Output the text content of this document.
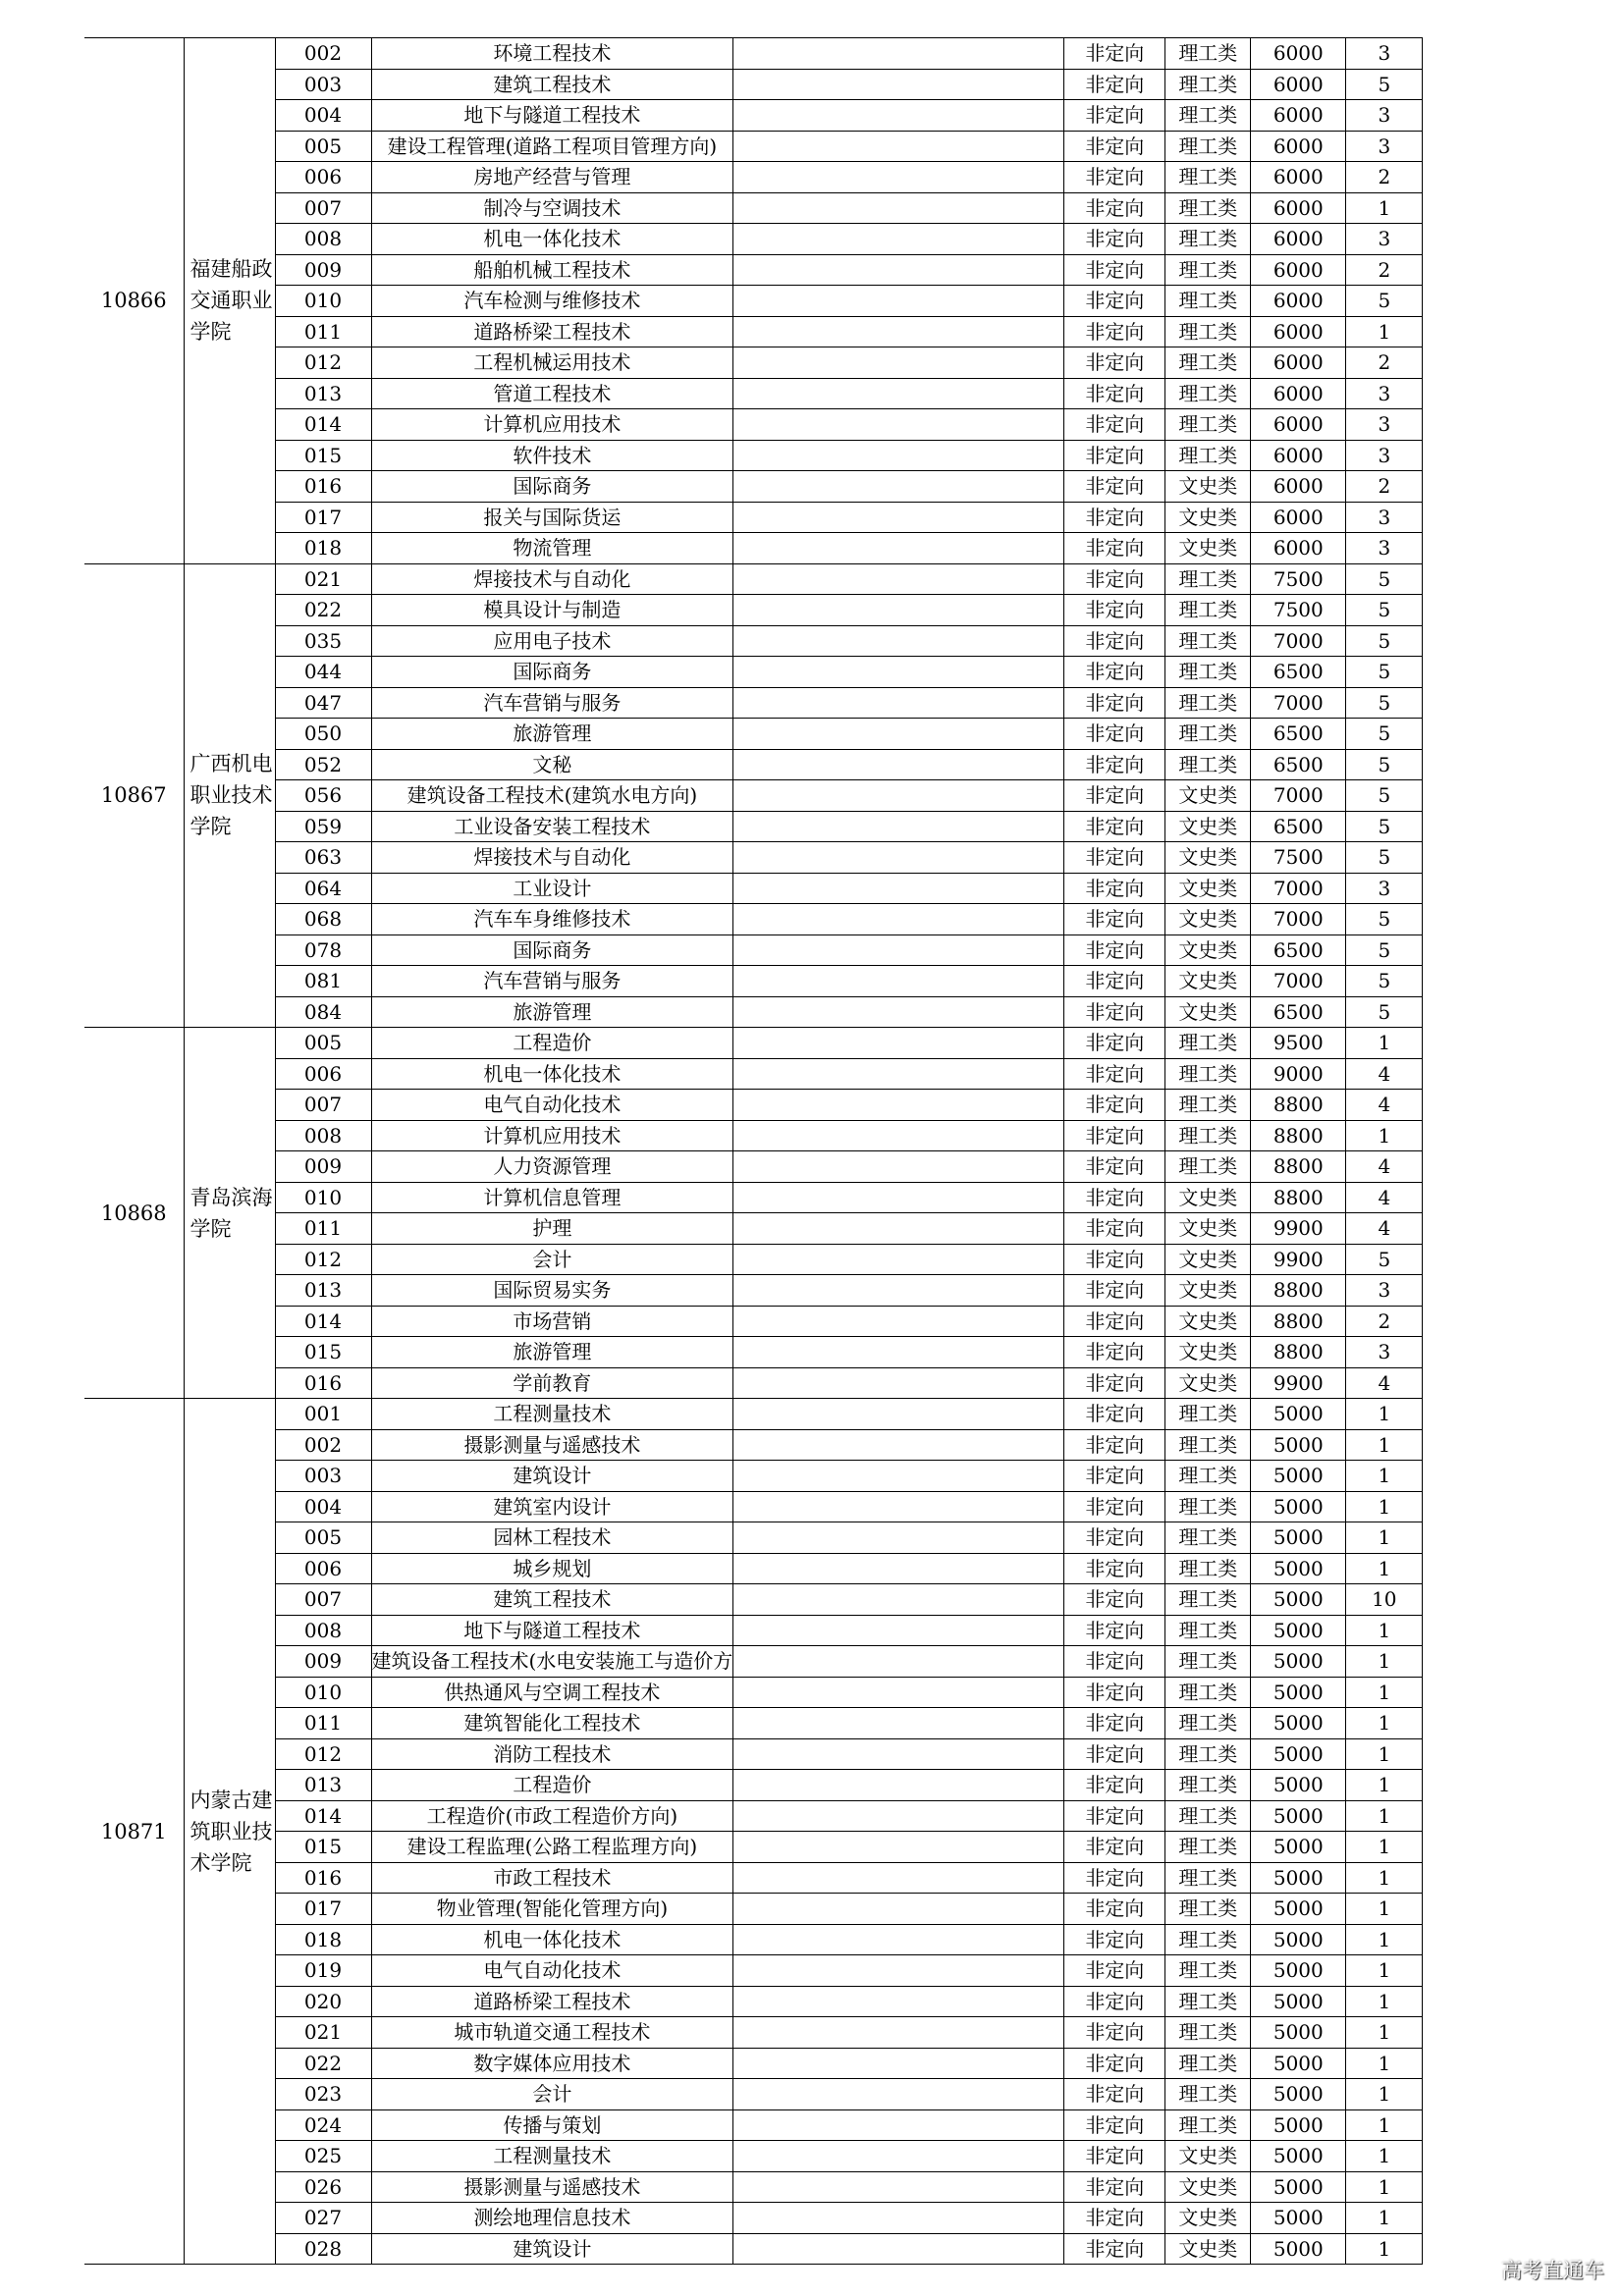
	10866	福建船政交通职业学院	002	环境工程技术		非定向	理工类	6000	3
			003	建筑工程技术		非定向	理工类	6000	5
			004	地下与隧道工程技术		非定向	理工类	6000	3
			005	建设工程管理(道路工程项目管理方向)		非定向	理工类	6000	3
			006	房地产经营与管理		非定向	理工类	6000	2
			007	制冷与空调技术		非定向	理工类	6000	1
			008	机电一体化技术		非定向	理工类	6000	3
			009	船舶机械工程技术		非定向	理工类	6000	2
			010	汽车检测与维修技术		非定向	理工类	6000	5
			011	道路桥梁工程技术		非定向	理工类	6000	1
			012	工程机械运用技术		非定向	理工类	6000	2
			013	管道工程技术		非定向	理工类	6000	3
			014	计算机应用技术		非定向	理工类	6000	3
			015	软件技术		非定向	理工类	6000	3
			016	国际商务		非定向	文史类	6000	2
			017	报关与国际货运		非定向	文史类	6000	3
			018	物流管理		非定向	文史类	6000	3
	10867	广西机电职业技术学院	021	焊接技术与自动化		非定向	理工类	7500	5
			022	模具设计与制造		非定向	理工类	7500	5
			035	应用电子技术		非定向	理工类	7000	5
			044	国际商务		非定向	理工类	6500	5
			047	汽车营销与服务		非定向	理工类	7000	5
			050	旅游管理		非定向	理工类	6500	5
			052	文秘		非定向	理工类	6500	5
			056	建筑设备工程技术(建筑水电方向)		非定向	文史类	7000	5
			059	工业设备安装工程技术		非定向	文史类	6500	5
			063	焊接技术与自动化		非定向	文史类	7500	5
			064	工业设计		非定向	文史类	7000	3
			068	汽车车身维修技术		非定向	文史类	7000	5
			078	国际商务		非定向	文史类	6500	5
			081	汽车营销与服务		非定向	文史类	7000	5
			084	旅游管理		非定向	文史类	6500	5
	10868	青岛滨海学院	005	工程造价		非定向	理工类	9500	1
			006	机电一体化技术		非定向	理工类	9000	4
			007	电气自动化技术		非定向	理工类	8800	4
			008	计算机应用技术		非定向	理工类	8800	1
			009	人力资源管理		非定向	理工类	8800	4
			010	计算机信息管理		非定向	文史类	8800	4
			011	护理		非定向	文史类	9900	4
			012	会计		非定向	文史类	9900	5
			013	国际贸易实务		非定向	文史类	8800	3
			014	市场营销		非定向	文史类	8800	2
			015	旅游管理		非定向	文史类	8800	3
			016	学前教育		非定向	文史类	9900	4
	10871	内蒙古建筑职业技术学院	001	工程测量技术		非定向	理工类	5000	1
			002	摄影测量与遥感技术		非定向	理工类	5000	1
			003	建筑设计		非定向	理工类	5000	1
			004	建筑室内设计		非定向	理工类	5000	1
			005	园林工程技术		非定向	理工类	5000	1
			006	城乡规划		非定向	理工类	5000	1
			007	建筑工程技术		非定向	理工类	5000	10
			008	地下与隧道工程技术		非定向	理工类	5000	1
			009	建筑设备工程技术(水电安装施工与造价方		非定向	理工类	5000	1
			010	供热通风与空调工程技术		非定向	理工类	5000	1
			011	建筑智能化工程技术		非定向	理工类	5000	1
			012	消防工程技术		非定向	理工类	5000	1
			013	工程造价		非定向	理工类	5000	1
			014	工程造价(市政工程造价方向)		非定向	理工类	5000	1
			015	建设工程监理(公路工程监理方向)		非定向	理工类	5000	1
			016	市政工程技术		非定向	理工类	5000	1
			017	物业管理(智能化管理方向)		非定向	理工类	5000	1
			018	机电一体化技术		非定向	理工类	5000	1
			019	电气自动化技术		非定向	理工类	5000	1
			020	道路桥梁工程技术		非定向	理工类	5000	1
			021	城市轨道交通工程技术		非定向	理工类	5000	1
			022	数字媒体应用技术		非定向	理工类	5000	1
			023	会计		非定向	理工类	5000	1
			024	传播与策划		非定向	理工类	5000	1
			025	工程测量技术		非定向	文史类	5000	1
			026	摄影测量与遥感技术		非定向	文史类	5000	1
			027	测绘地理信息技术		非定向	文史类	5000	1
			028	建筑设计		非定向	文史类	5000	1
高考直通车
